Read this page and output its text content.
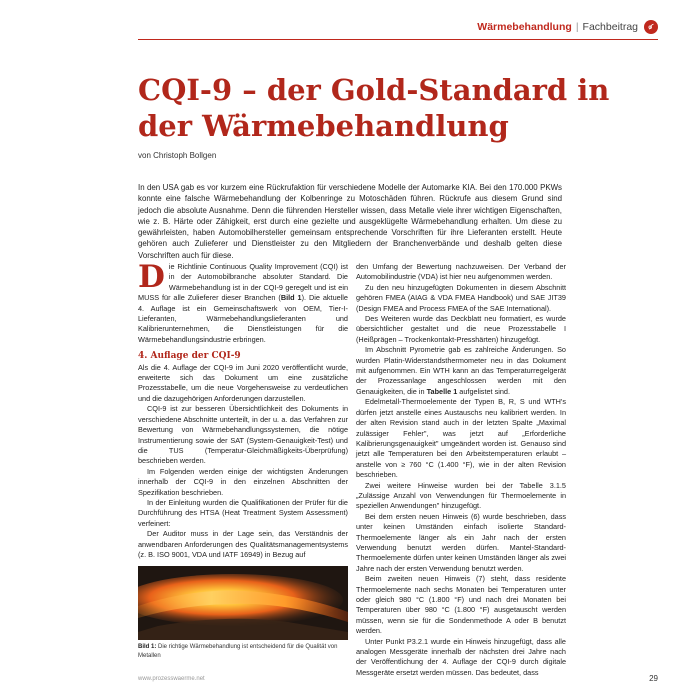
Wärmebehandlung | Fachbeitrag
CQI-9 – der Gold-Standard in der Wärmebehandlung
von Christoph Bollgen

In den USA gab es vor kurzem eine Rückrufaktion für verschiedene Modelle der Automarke KIA. Bei den 170.000 PKWs konnte eine falsche Wärmebehandlung der Kolbenringe zu Motoschäden führen. Rückrufe aus diesem Grund sind jedoch die absolute Ausnahme. Denn die führenden Hersteller wissen, dass Metalle viele ihrer wichtigen Eigenschaften, wie z. B. Härte oder Zähigkeit, erst durch eine gezielte und ausgeklügelte Wärmebehandlung erhalten. Um diese zu gewährleisten, haben Automobilhersteller gemeinsam entsprechende Vorschriften für ihre Lieferanten erstellt. Heute gehören auch Zulieferer und Dienstleister zu den Mitgliedern der Branchenverbände und deshalb gelten diese Vorschriften auch für diese.

Die Richtlinie Continuous Quality Improvement (CQI) ist in der Automobilbranche absoluter Standard. Die Wärmebehandlung ist in der CQI-9 geregelt und ist ein MUSS für alle Zulieferer dieser Branchen (Bild 1). Die aktuelle 4. Auflage ist ein Gemeinschaftswerk von OEM, Tier-I-Lieferanten, Wärmebehandlungslieferanten und Kalibrierunternehmen, die Dienstleistungen für die Wärmebehandlungsindustrie erbringen.

4. Auflage der CQI-9

Als die 4. Auflage der CQI-9 im Juni 2020 veröffentlicht wurde, erweiterte sich das Dokument um eine zusätzliche Prozesstabelle, um die neue Vorgehensweise zu verdeutlichen und die dazugehörigen Anforderungen darzustellen.

CQI-9 ist zur besseren Übersichtlichkeit des Dokuments in verschiedene Abschnitte unterteilt, in der u. a. das Verfahren zur Bewertung von Wärmebehandlungssystemen, die nötige Instrumentierung sowie der SAT (System-Genauigkeit-Test) und die TUS (Temperatur-Gleichmäßigkeits-Überprüfung) beschrieben werden.

Im Folgenden werden einige der wichtigsten Änderungen innerhalb der CQI-9 in den einzelnen Abschnitten der Spezifikation beschrieben.

In der Einleitung wurden die Qualifikationen der Prüfer für die Durchführung des HTSA (Heat Treatment System Assessment) verfeinert:

Der Auditor muss in der Lage sein, das Verständnis der anwendbaren Anforderungen des Qualitätsmanagementsystems (z. B. ISO 9001, VDA und IATF 16949) in Bezug auf

den Umfang der Bewertung nachzuweisen. Der Verband der Automobilindustrie (VDA) ist hier neu aufgenommen werden.

Zu den neu hinzugefügten Dokumenten in diesem Abschnitt gehören FMEA (AIAG & VDA FMEA Handbook) und SAE JIT39 (Design FMEA and Process FMEA of the SAE International).

Des Weiteren wurde das Deckblatt neu formatiert, es wurde übersichtlicher gestaltet und die neue Prozesstabelle I (Heißprägen – Trockenkontakt-Presshärten) hinzugefügt.

Im Abschnitt Pyrometrie gab es zahlreiche Änderungen. So wurden Platin-Widerstandsthermometer neu in das Dokument mit aufgenommen. Ein WTH kann an das Temperaturregelgerät der Prozessanlage angeschlossen werden mit den Genauigkeiten, die in Tabelle 1 aufgelistet sind.

Edelmetall-Thermoelemente der Typen B, R, S und WTH's dürfen jetzt anstelle eines Austauschs neu kalibriert werden. In der alten Revision stand auch in der letzten Spalte „Maximal zulässiger Fehler", was jetzt auf „Erforderliche Kalibrierungsgenauigkeit" umgeändert worden ist. Genauso sind jetzt alle Temperaturen bei den Arbeitstemperaturen erlaubt – anstelle von ≥ 760 °C (1.400 °F), wie in der alten Revision beschrieben.

Zwei weitere Hinweise wurden bei der Tabelle 3.1.5 „Zulässige Anzahl von Verwendungen für Thermoelemente in speziellen Anwendungen" hinzugefügt.

Bei dem ersten neuen Hinweis (6) wurde beschrieben, dass unter keinen Umständen einfach isolierte Standard-Thermoelemente länger als ein Jahr nach der ersten Verwendung benutzt werden dürfen. Mantel-Standard-Thermoelemente dürfen unter keinen Umständen länger als zwei Jahre nach der ersten Verwendung benutzt werden.

Beim zweiten neuen Hinweis (7) steht, dass residente Thermoelemente nach sechs Monaten bei Temperaturen unter oder gleich 980 °C (1.800 °F) und nach drei Monaten bei Temperaturen über 980 °C (1.800 °F) ausgetauscht werden müssen, wenn sie für die Sondenmethode A oder B benutzt werden.

Unter Punkt P3.2.1 wurde ein Hinweis hinzugefügt, dass alle analogen Messgeräte innerhalb der nächsten drei Jahre nach der Veröffentlichung der 4. Auflage der CQI-9 durch digitale Messgeräte ersetzt werden müssen. Das bedeutet, dass

Bild 1: Die richtige Wärmebehandlung ist entscheidend für die Qualität von Metallen
www.prozesswaerme.net	29
